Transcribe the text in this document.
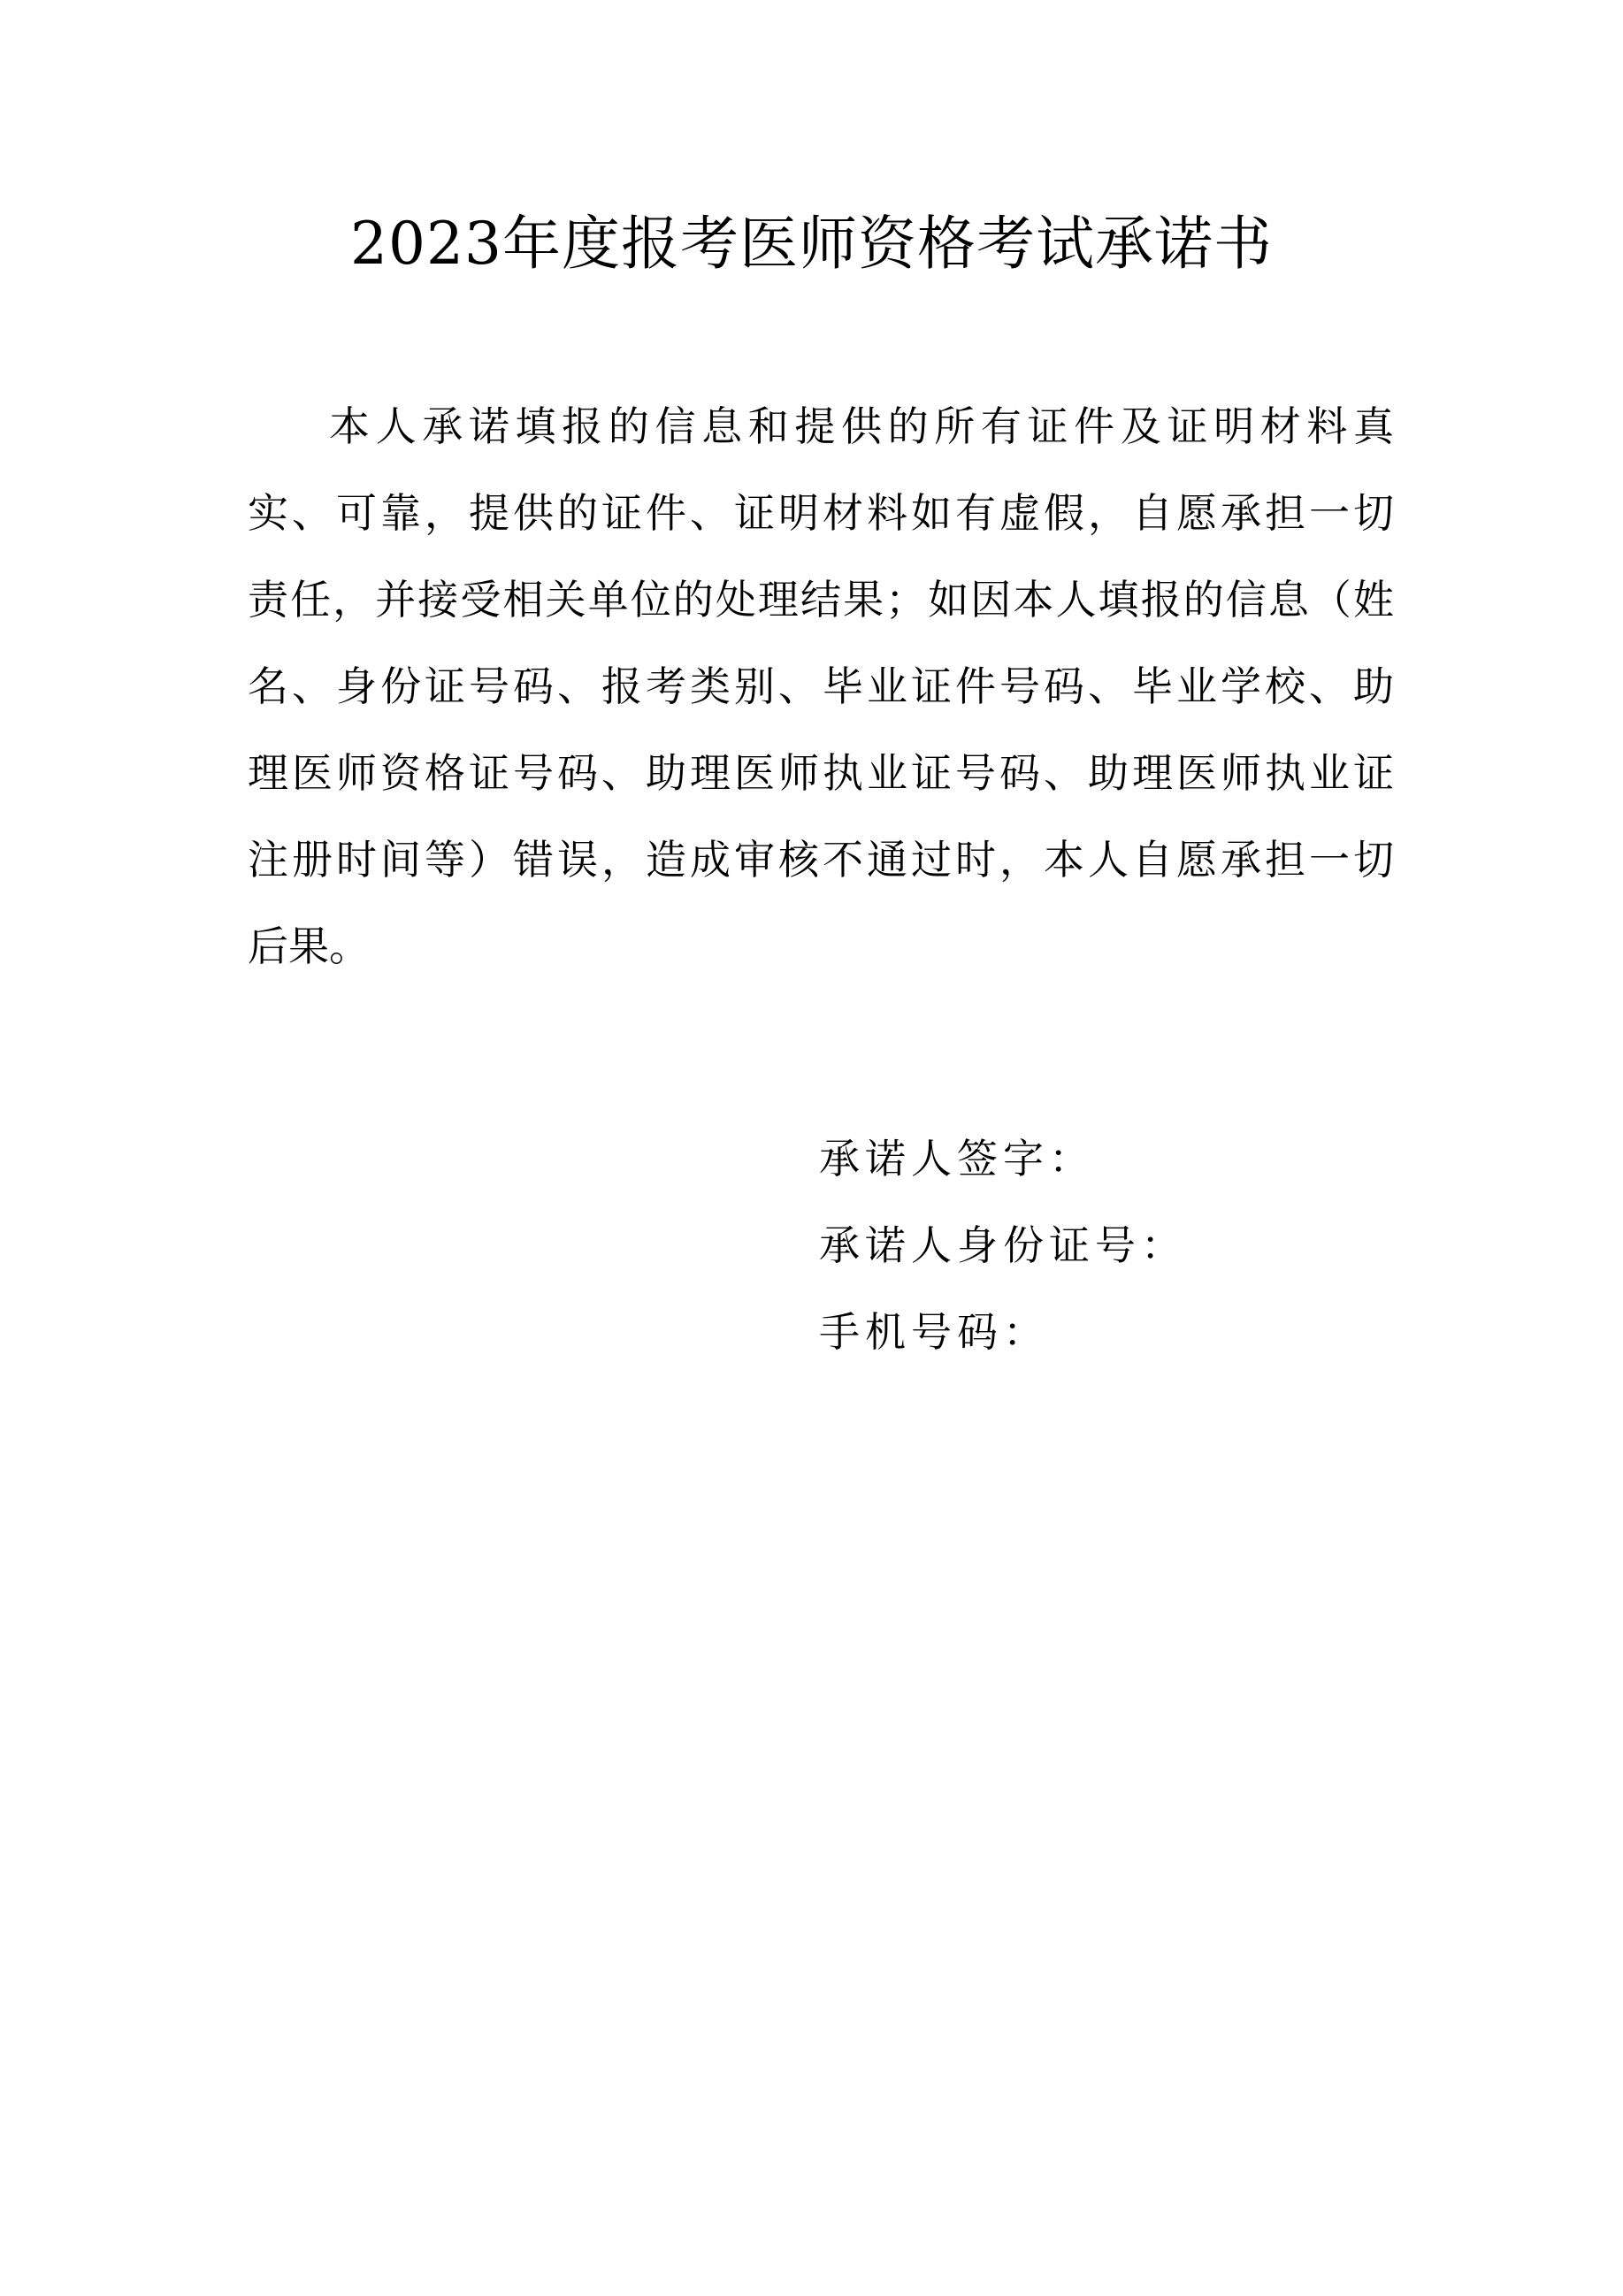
2023年度报考医师资格考试承诺书
本人承诺填报的信息和提供的所有证件及证明材料真
实、可靠，提供的证件、证明材料如有虚假，自愿承担一切
责任，并接受相关单位的处理结果；如因本人填报的信息（姓
名、身份证号码、报考类别、毕业证件号码、毕业学校、助
理医师资格证号码、助理医师执业证号码、助理医师执业证
注册时间等）错误，造成审核不通过时，本人自愿承担一切
后果。
承诺人签字：
承诺人身份证号：
手机号码：
